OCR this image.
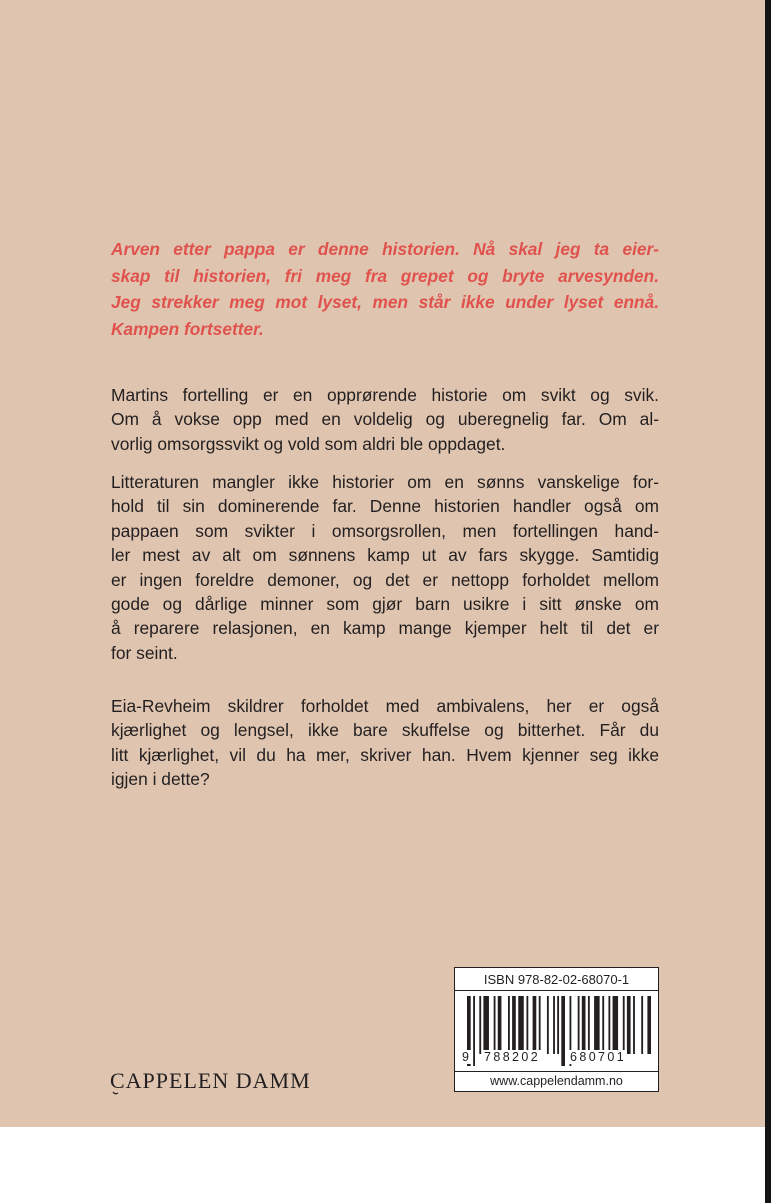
Arven etter pappa er denne historien. Nå skal jeg ta eier-
skap til historien, fri meg fra grepet og bryte arvesynden.
Jeg strekker meg mot lyset, men står ikke under lyset ennå.
Kampen fortsetter.

Martins fortelling er en opprørende historie om svikt og svik.
Om å vokse opp med en voldelig og uberegnelig far. Om al-
vorlig omsorgssvikt og vold som aldri ble oppdaget.

Litteraturen mangler ikke historier om en sønns vanskelige for-
hold til sin dominerende far. Denne historien handler også om
pappaen som svikter i omsorgsrollen, men fortellingen hand-
ler mest av alt om sønnens kamp ut av fars skygge. Samtidig
er ingen foreldre demoner, og det er nettopp forholdet mellom
gode og dårlige minner som gjør barn usikre i sitt ønske om
å reparere relasjonen, en kamp mange kjemper helt til det er
for seint.

Eia-Revheim skildrer forholdet med ambivalens, her er også
kjærlighet og lengsel, ikke bare skuffelse og bitterhet. Får du
litt kjærlighet, vil du ha mer, skriver han. Hvem kjenner seg ikke
igjen i dette?

CAPPELEN DAMM
ISBN 978-82-02-68070-1
9 788202 680701
www.cappelendamm.no
